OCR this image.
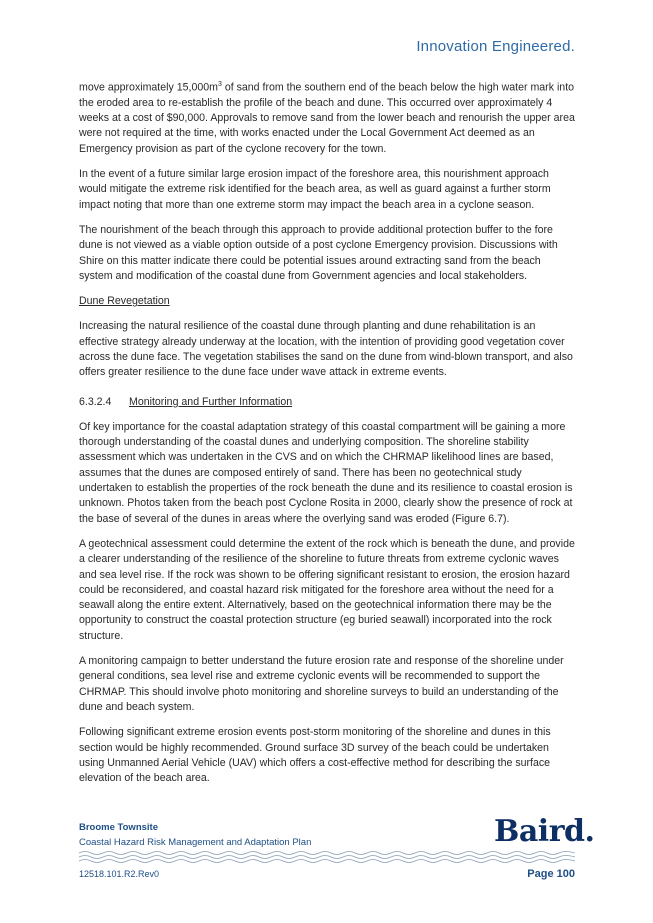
Innovation Engineered.

move approximately $15,000m^3$ of sand from the southern end of the beach below the high water mark into the eroded area to re-establish the profile of the beach and dune. This occurred over approximately 4 weeks at a cost of $90,000. Approvals to remove sand from the lower beach and renourish the upper area were not required at the time, with works enacted under the Local Government Act deemed as an Emergency provision as part of the cyclone recovery for the town.

In the event of a future similar large erosion impact of the foreshore area, this nourishment approach would mitigate the extreme risk identified for the beach area, as well as guard against a further storm impact noting that more than one extreme storm may impact the beach area in a cyclone season.

The nourishment of the beach through this approach to provide additional protection buffer to the fore dune is not viewed as a viable option outside of a post cyclone Emergency provision. Discussions with Shire on this matter indicate there could be potential issues around extracting sand from the beach system and modification of the coastal dune from Government agencies and local stakeholders.

Dune Revegetation

Increasing the natural resilience of the coastal dune through planting and dune rehabilitation is an effective strategy already underway at the location, with the intention of providing good vegetation cover across the dune face. The vegetation stabilises the sand on the dune from wind-blown transport, and also offers greater resilience to the dune face under wave attack in extreme events.

6.3.2.4 Monitoring and Further Information

Of key importance for the coastal adaptation strategy of this coastal compartment will be gaining a more thorough understanding of the coastal dunes and underlying composition. The shoreline stability assessment which was undertaken in the CVS and on which the CHRMAP likelihood lines are based, assumes that the dunes are composed entirely of sand. There has been no geotechnical study undertaken to establish the properties of the rock beneath the dune and its resilience to coastal erosion is unknown. Photos taken from the beach post Cyclone Rosita in 2000, clearly show the presence of rock at the base of several of the dunes in areas where the overlying sand was eroded (Figure 6.7).

A geotechnical assessment could determine the extent of the rock which is beneath the dune, and provide a clearer understanding of the resilience of the shoreline to future threats from extreme cyclonic waves and sea level rise. If the rock was shown to be offering significant resistant to erosion, the erosion hazard could be reconsidered, and coastal hazard risk mitigated for the foreshore area without the need for a seawall along the entire extent. Alternatively, based on the geotechnical information there may be the opportunity to construct the coastal protection structure (eg buried seawall) incorporated into the rock structure.

A monitoring campaign to better understand the future erosion rate and response of the shoreline under general conditions, sea level rise and extreme cyclonic events will be recommended to support the CHRMAP. This should involve photo monitoring and shoreline surveys to build an understanding of the dune and beach system.

Following significant extreme erosion events post-storm monitoring of the shoreline and dunes in this section would be highly recommended. Ground surface 3D survey of the beach could be undertaken using Unmanned Aerial Vehicle (UAV) which offers a cost-effective method for describing the surface elevation of the beach area.

Broome Townsite
Coastal Hazard Risk Management and Adaptation Plan	Baird.
12518.101.R2.Rev0	Page 100
